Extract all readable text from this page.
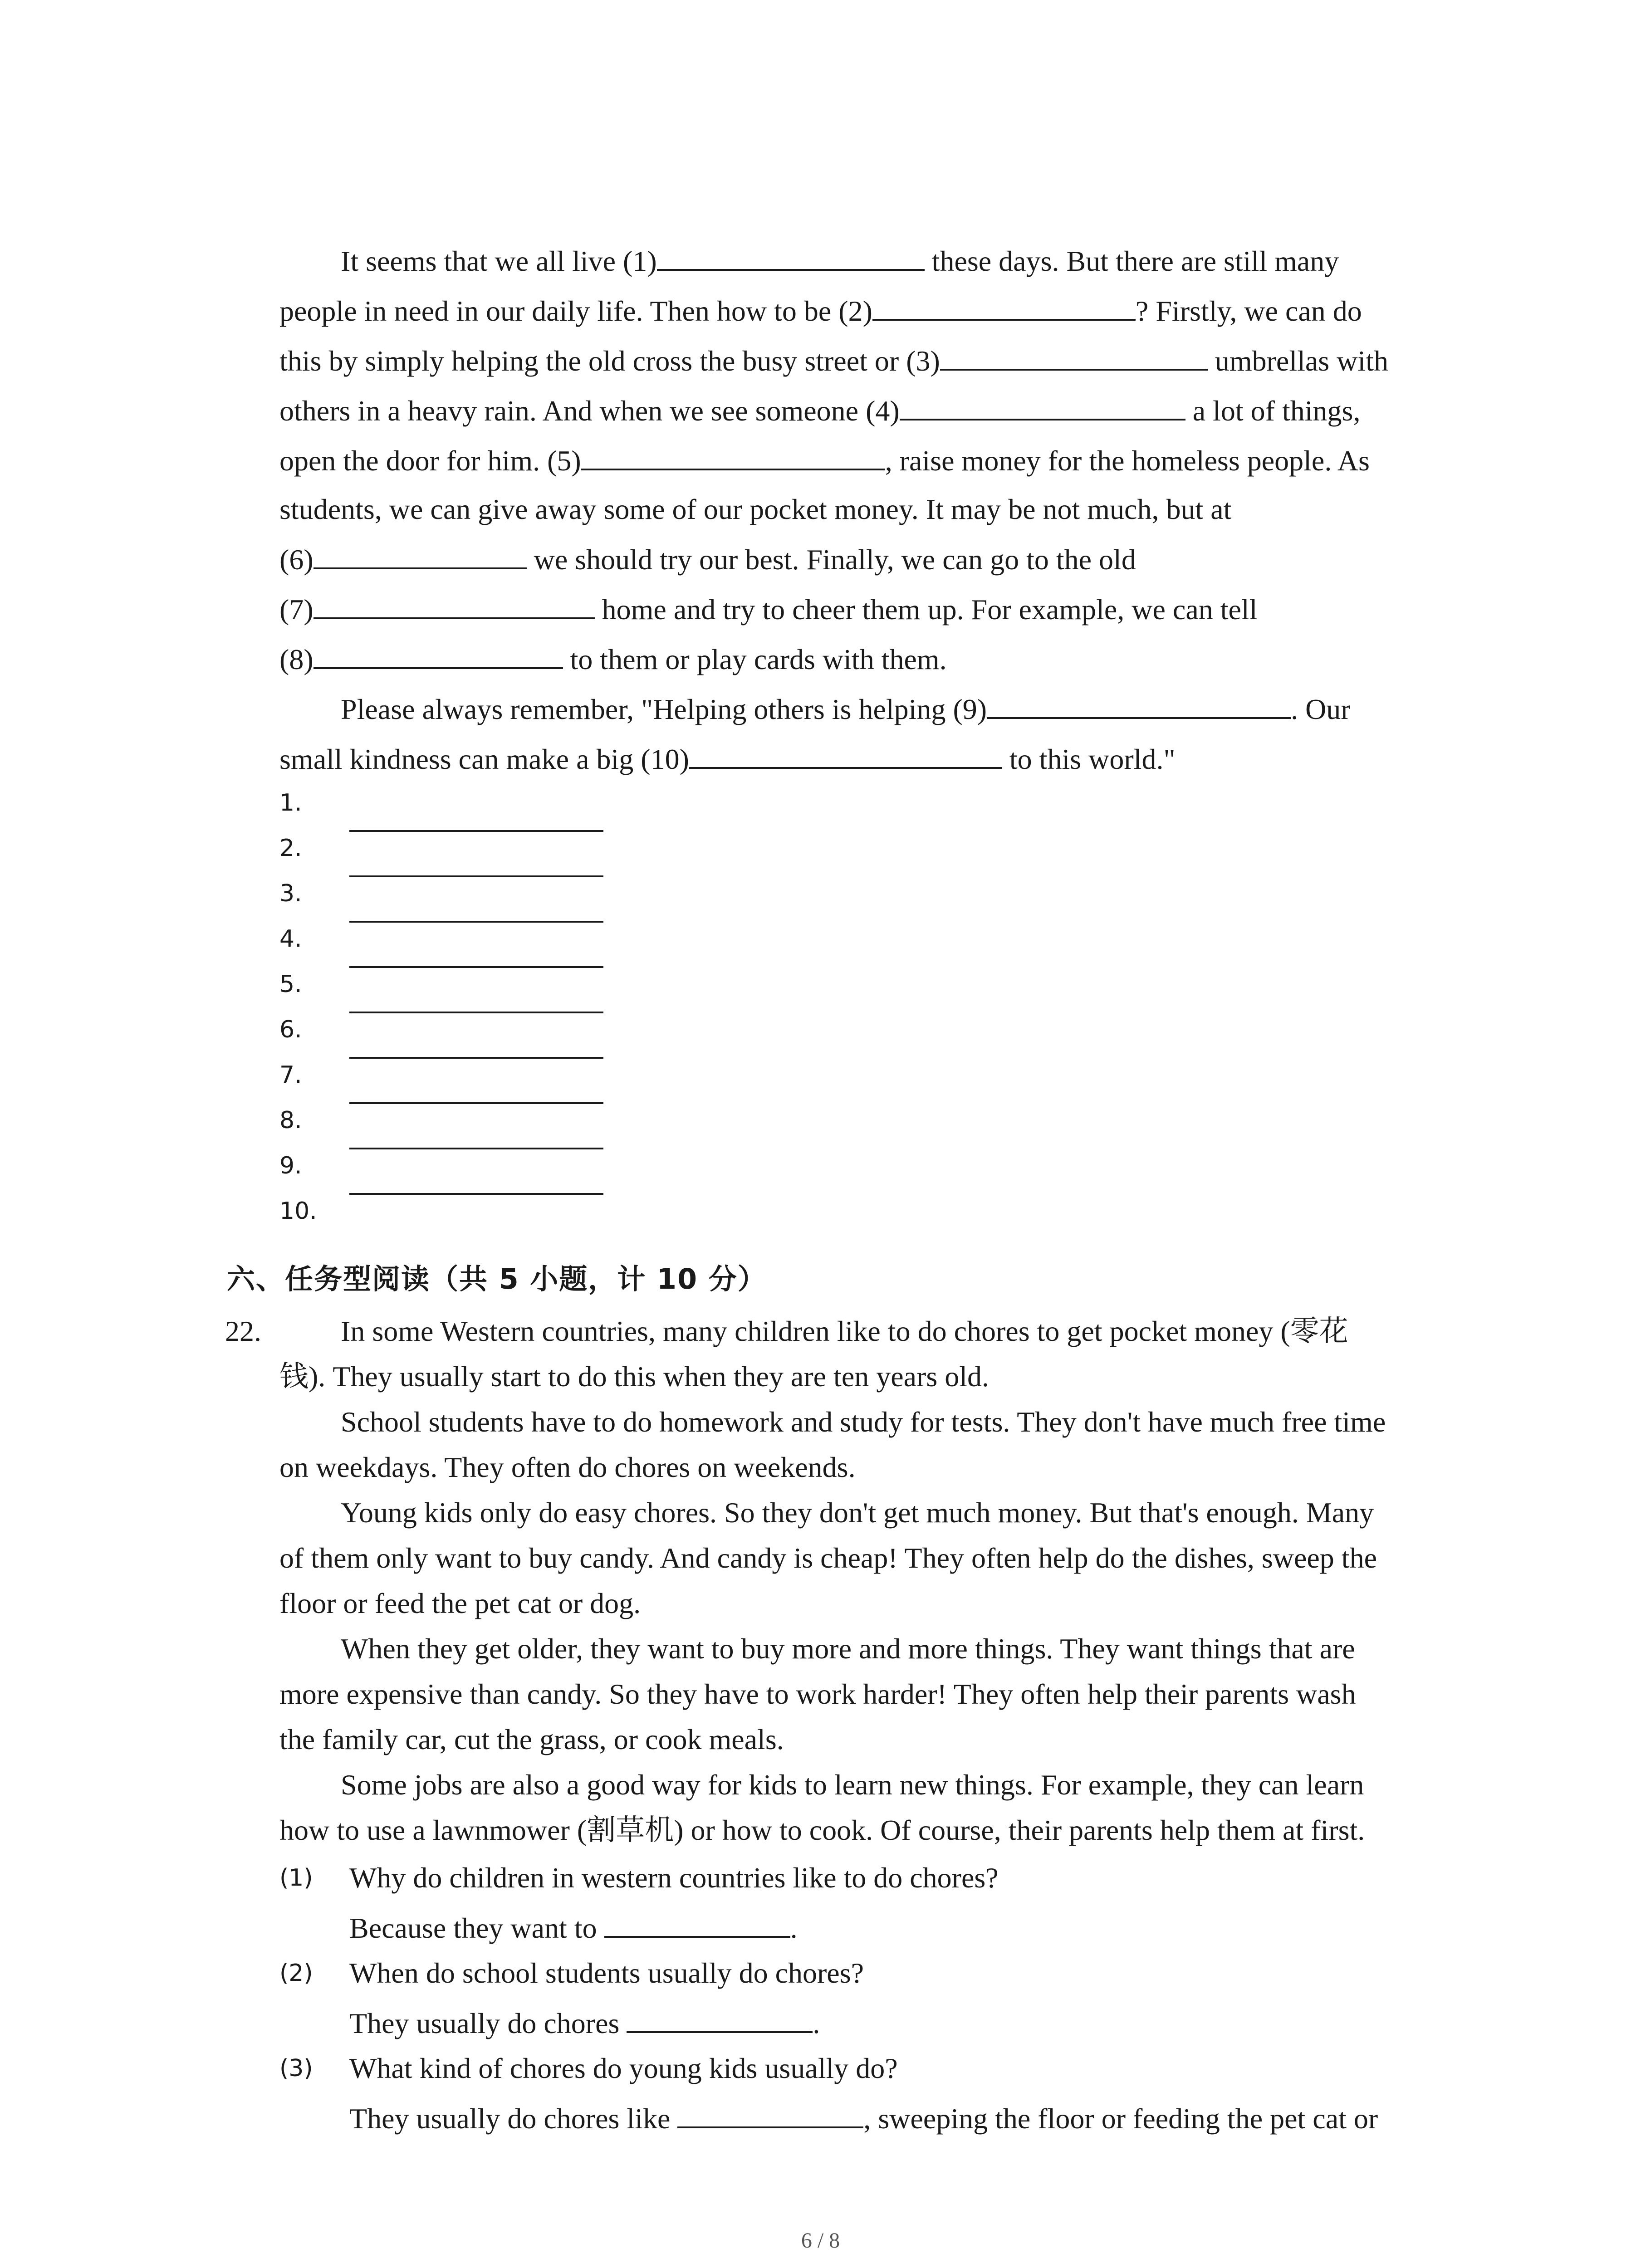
It seems that we all live (1)	these days. But there are still many
people in need in our daily life. Then how to be (2)	? Firstly, we can do
this by simply helping the old cross the busy street or (3)	umbrellas with
others in a heavy rain. And when we see someone (4)	a lot of things,
open the door for him. (5)	, raise money for the homeless people. As
students, we can give away some of our pocket money. It may be not much, but at
(6)	we should try our best. Finally, we can go to the old
(7)	home and try to cheer them up. For example, we can tell
(8)	to them or play cards with them.
Please always remember, "Helping others is helping (9)	. Our
small kindness can make a big (10)	to this world."
1.
2.
3.
4.
5.
6.
7.
8.
9.
10.
六、任务型阅读（共 5 小题，计 10 分）
22.	In some Western countries, many children like to do chores to get pocket money (零花
钱). They usually start to do this when they are ten years old.
School students have to do homework and study for tests. They don't have much free time
on weekdays. They often do chores on weekends.
Young kids only do easy chores. So they don't get much money. But that's enough. Many
of them only want to buy candy. And candy is cheap! They often help do the dishes, sweep the
floor or feed the pet cat or dog.
When they get older, they want to buy more and more things. They want things that are
more expensive than candy. So they have to work harder! They often help their parents wash
the family car, cut the grass, or cook meals.
Some jobs are also a good way for kids to learn new things. For example, they can learn
how to use a lawnmower (割草机) or how to cook. Of course, their parents help them at first.
(1) Why do children in western countries like to do chores?
Because they want to	.
(2) When do school students usually do chores?
They usually do chores	.
(3) What kind of chores do young kids usually do?
They usually do chores like	, sweeping the floor or feeding the pet cat or
6 / 8
